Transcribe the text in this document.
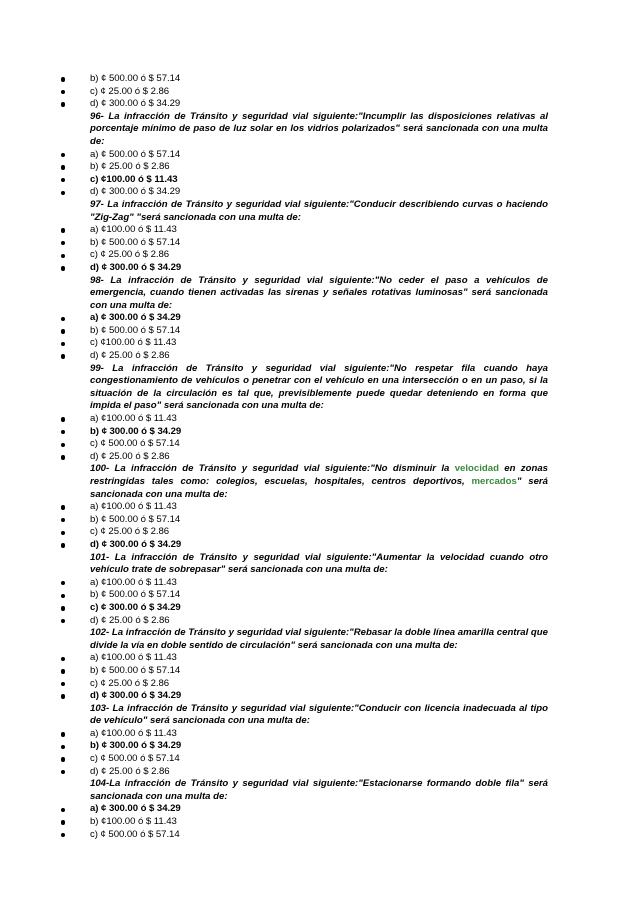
b) ¢ 500.00 ó $ 57.14
c) ¢ 25.00 ó $ 2.86
d) ¢ 300.00 ó $ 34.29
96- La infracción de Tránsito y seguridad vial siguiente:"Incumplir las disposiciones relativas al porcentaje mínimo de paso de luz solar en los vidrios polarizados" será sancionada con una multa de:
a) ¢ 500.00 ó $ 57.14
b) ¢ 25.00 ó $ 2.86
c) ¢100.00 ó $ 11.43
d) ¢ 300.00 ó $ 34.29
97- La infracción de Tránsito y seguridad vial siguiente:"Conducir describiendo curvas o haciendo "Zig-Zag" "será sancionada con una multa de:
a) ¢100.00 ó $ 11.43
b) ¢ 500.00 ó $ 57.14
c) ¢ 25.00 ó $ 2.86
d) ¢ 300.00 ó $ 34.29
98- La infracción de Tránsito y seguridad vial siguiente:"No ceder el paso a vehículos de emergencia, cuando tienen activadas las sirenas y señales rotativas luminosas" será sancionada con una multa de:
a) ¢ 300.00 ó $ 34.29
b) ¢ 500.00 ó $ 57.14
c) ¢100.00 ó $ 11.43
d) ¢ 25.00 ó $ 2.86
99- La infracción de Tránsito y seguridad vial siguiente:"No respetar fila cuando haya congestionamiento de vehículos o penetrar con el vehículo en una intersección o en un paso, si la situación de la circulación es tal que, previsiblemente puede quedar deteniendo en forma que impida el paso" será sancionada con una multa de:
a) ¢100.00 ó $ 11.43
b) ¢ 300.00 ó $ 34.29
c) ¢ 500.00 ó $ 57.14
d) ¢ 25.00 ó $ 2.86
100- La infracción de Tránsito y seguridad vial siguiente:"No disminuir la velocidad en zonas restringidas tales como: colegios, escuelas, hospitales, centros deportivos, mercados" será sancionada con una multa de:
a) ¢100.00 ó $ 11.43
b) ¢ 500.00 ó $ 57.14
c) ¢ 25.00 ó $ 2.86
d) ¢ 300.00 ó $ 34.29
101- La infracción de Tránsito y seguridad vial siguiente:"Aumentar la velocidad cuando otro vehículo trate de sobrepasar" será sancionada con una multa de:
a) ¢100.00 ó $ 11.43
b) ¢ 500.00 ó $ 57.14
c) ¢ 300.00 ó $ 34.29
d) ¢ 25.00 ó $ 2.86
102- La infracción de Tránsito y seguridad vial siguiente:"Rebasar la doble línea amarilla central que divide la vía en doble sentido de circulación" será sancionada con una multa de:
a) ¢100.00 ó $ 11.43
b) ¢ 500.00 ó $ 57.14
c) ¢ 25.00 ó $ 2.86
d) ¢ 300.00 ó $ 34.29
103- La infracción de Tránsito y seguridad vial siguiente:"Conducir con licencia inadecuada al tipo de vehículo" será sancionada con una multa de:
a) ¢100.00 ó $ 11.43
b) ¢ 300.00 ó $ 34.29
c) ¢ 500.00 ó $ 57.14
d) ¢ 25.00 ó $ 2.86
104-La infracción de Tránsito y seguridad vial siguiente:"Estacionarse formando doble fila" será sancionada con una multa de:
a) ¢ 300.00 ó $ 34.29
b) ¢100.00 ó $ 11.43
c) ¢ 500.00 ó $ 57.14
